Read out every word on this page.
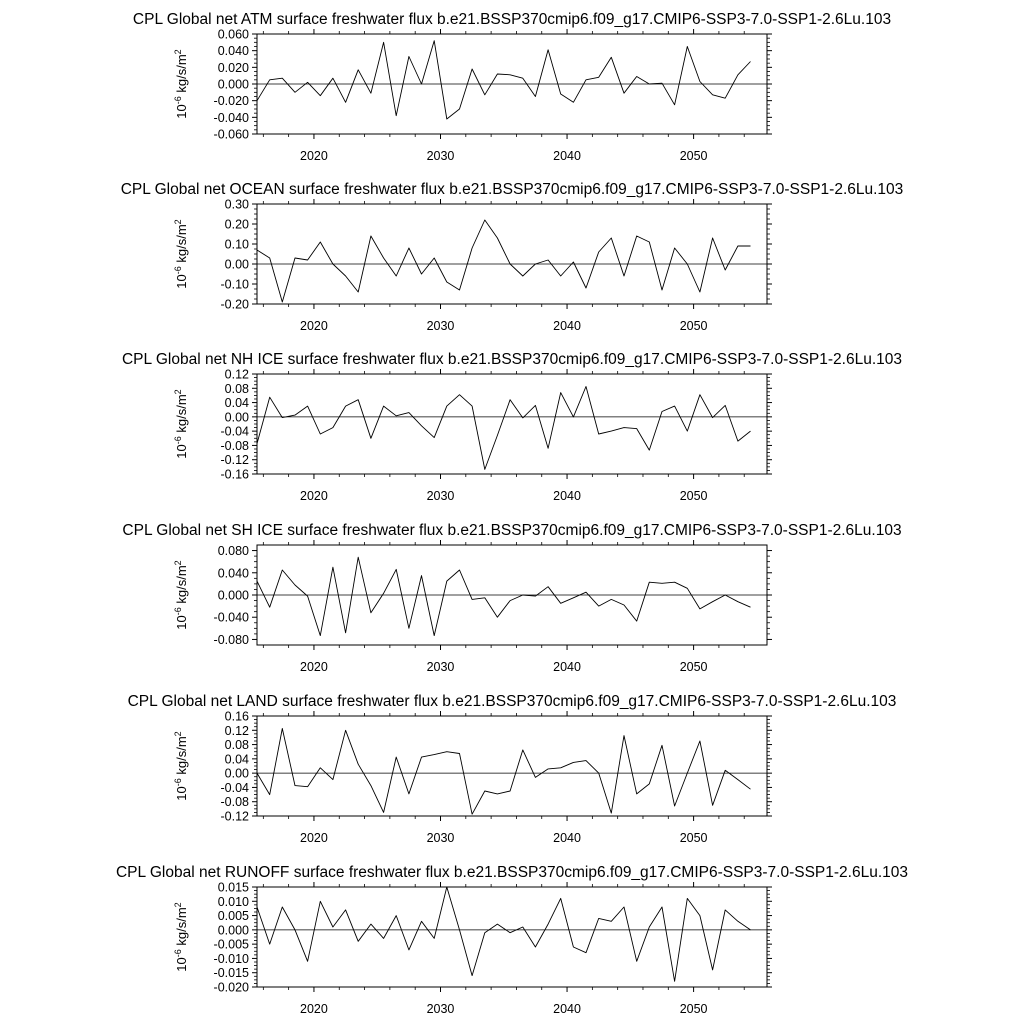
CPL Global net ATM surface freshwater flux b.e21.BSSP370cmip6.f09_g17.CMIP6-SSP3-7.0-SSP1-2.6Lu.103
-0.060
-0.040
-0.020
0.000
0.020
0.040
0.060
2020	2030	2040	2050
$10^{-6}$ $kg/s/m^2$
CPL Global net OCEAN surface freshwater flux b.e21.BSSP370cmip6.f09_g17.CMIP6-SSP3-7.0-SSP1-2.6Lu.103
-0.20
-0.10
0.00
0.10
0.20
0.30
2020	2030	2040	2050
$10^{-6}$ $kg/s/m^2$
CPL Global net NH ICE surface freshwater flux b.e21.BSSP370cmip6.f09_g17.CMIP6-SSP3-7.0-SSP1-2.6Lu.103
-0.16
-0.12
-0.08
-0.04
0.00
0.04
0.08
0.12
2020	2030	2040	2050
$10^{-6}$ $kg/s/m^2$
CPL Global net SH ICE surface freshwater flux b.e21.BSSP370cmip6.f09_g17.CMIP6-SSP3-7.0-SSP1-2.6Lu.103
-0.080
-0.040
0.000
0.040
0.080
2020	2030	2040	2050
$10^{-6}$ $kg/s/m^2$
CPL Global net LAND surface freshwater flux b.e21.BSSP370cmip6.f09_g17.CMIP6-SSP3-7.0-SSP1-2.6Lu.103
-0.12
-0.08
-0.04
0.00
0.04
0.08
0.12
0.16
2020	2030	2040	2050
$10^{-6}$ $kg/s/m^2$
CPL Global net RUNOFF surface freshwater flux b.e21.BSSP370cmip6.f09_g17.CMIP6-SSP3-7.0-SSP1-2.6Lu.103
-0.020
-0.015
-0.010
-0.005
0.000
0.005
0.010
0.015
2020	2030	2040	2050
$10^{-6}$ $kg/s/m^2$
